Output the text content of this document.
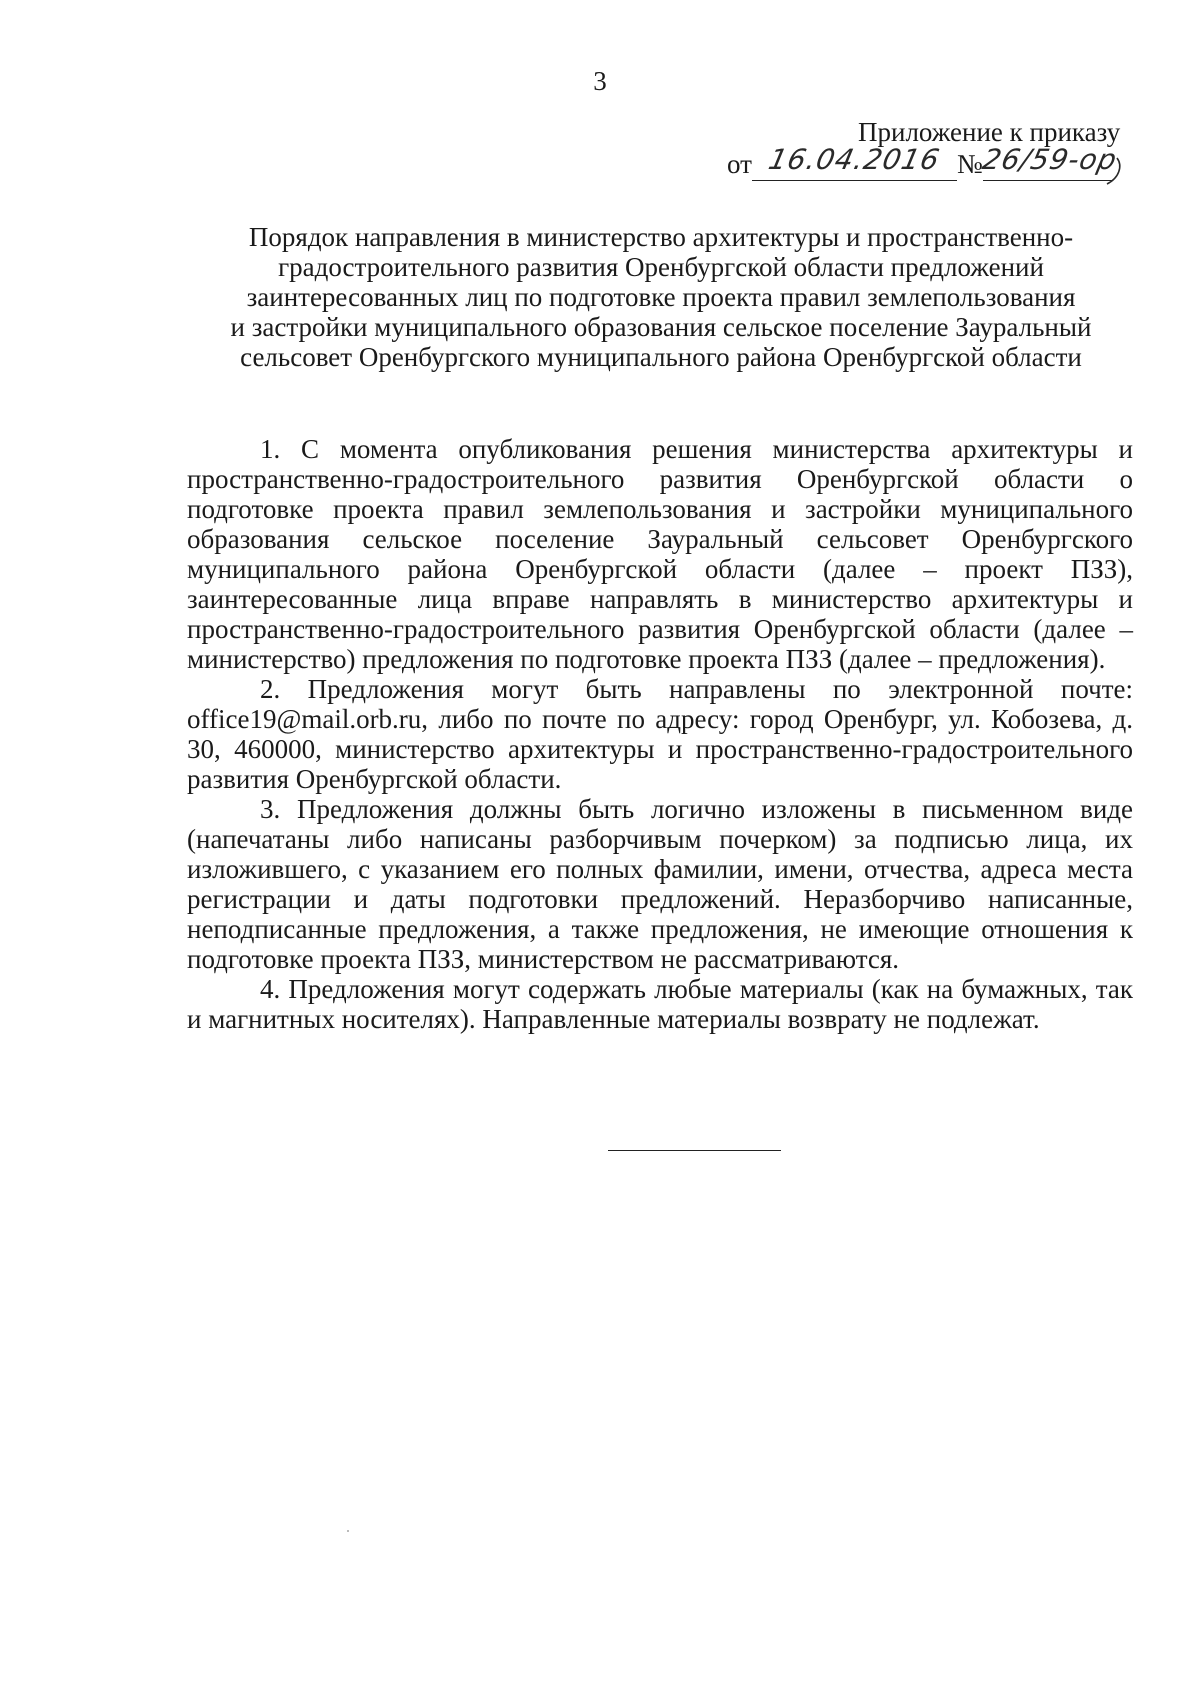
3
Приложение к приказу
от 16.04.2016 №26/59-ор
Порядок направления в министерство архитектуры и пространственно-
градостроительного развития Оренбургской области предложений
заинтересованных лиц по подготовке проекта правил землепользования
и застройки муниципального образования сельское поселение Зауральный
сельсовет Оренбургского муниципального района Оренбургской области

1. С момента опубликования решения министерства архитектуры и пространственно-градостроительного развития Оренбургской области о подготовке проекта правил землепользования и застройки муниципального образования сельское поселение Зауральный сельсовет Оренбургского муниципального района Оренбургской области (далее – проект ПЗЗ), заинтересованные лица вправе направлять в министерство архитектуры и пространственно-градостроительного развития Оренбургской области (далее – министерство) предложения по подготовке проекта ПЗЗ (далее – предложения).

2. Предложения могут быть направлены по электронной почте: office19@mail.orb.ru, либо по почте по адресу: город Оренбург, ул. Кобозева, д. 30, 460000, министерство архитектуры и пространственно-градостроительного развития Оренбургской области.

3. Предложения должны быть логично изложены в письменном виде (напечатаны либо написаны разборчивым почерком) за подписью лица, их изложившего, с указанием его полных фамилии, имени, отчества, адреса места регистрации и даты подготовки предложений. Неразборчиво написанные, неподписанные предложения, а также предложения, не имеющие отношения к подготовке проекта ПЗЗ, министерством не рассматриваются.

4. Предложения могут содержать любые материалы (как на бумажных, так и магнитных носителях). Направленные материалы возврату не подлежат.
